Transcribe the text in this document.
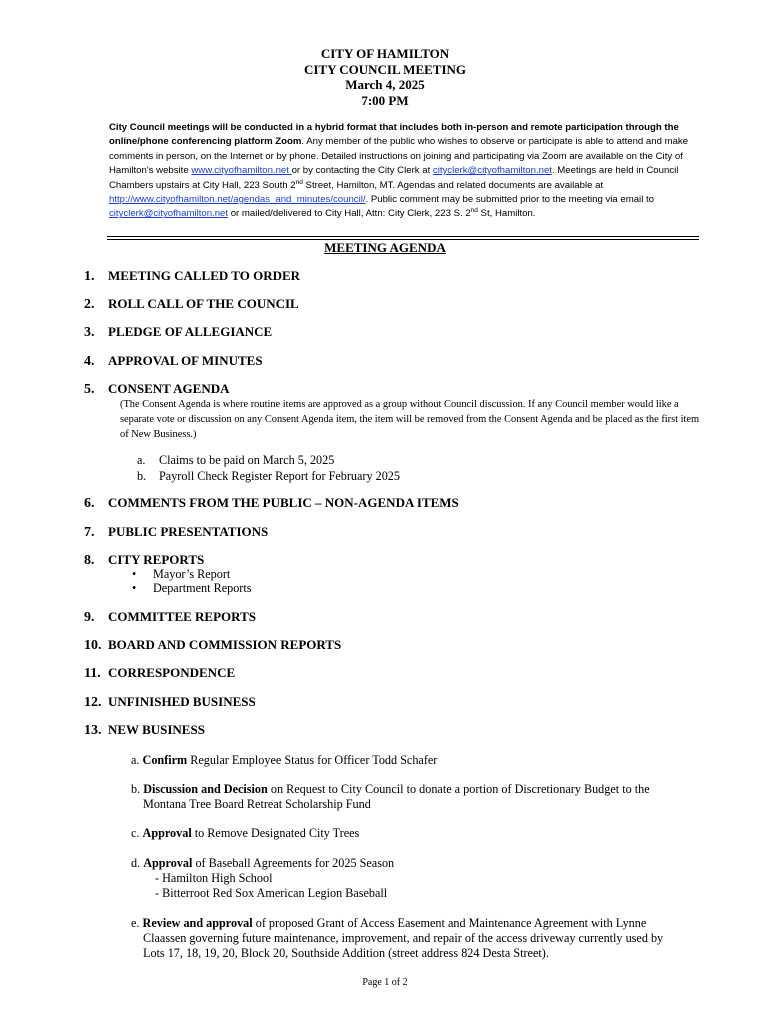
CITY OF HAMILTON
CITY COUNCIL MEETING
March 4, 2025
7:00 PM
City Council meetings will be conducted in a hybrid format that includes both in-person and remote participation through the online/phone conferencing platform Zoom. Any member of the public who wishes to observe or participate is able to attend and make comments in person, on the Internet or by phone. Detailed instructions on joining and participating via Zoom are available on the City of Hamilton's website www.cityofhamilton.net or by contacting the City Clerk at cityclerk@cityofhamilton.net. Meetings are held in Council Chambers upstairs at City Hall, 223 South 2nd Street, Hamilton, MT. Agendas and related documents are available at http://www.cityofhamilton.net/agendas_and_minutes/council/. Public comment may be submitted prior to the meeting via email to cityclerk@cityofhamilton.net or mailed/delivered to City Hall, Attn: City Clerk, 223 S. 2nd St, Hamilton.
MEETING AGENDA
1. MEETING CALLED TO ORDER
2. ROLL CALL OF THE COUNCIL
3. PLEDGE OF ALLEGIANCE
4. APPROVAL OF MINUTES
5. CONSENT AGENDA
(The Consent Agenda is where routine items are approved as a group without Council discussion. If any Council member would like a separate vote or discussion on any Consent Agenda item, the item will be removed from the Consent Agenda and be placed as the first item of New Business.)
a. Claims to be paid on March 5, 2025
b. Payroll Check Register Report for February 2025
6. COMMENTS FROM THE PUBLIC – NON-AGENDA ITEMS
7. PUBLIC PRESENTATIONS
8. CITY REPORTS
• Mayor’s Report
• Department Reports
9. COMMITTEE REPORTS
10. BOARD AND COMMISSION REPORTS
11. CORRESPONDENCE
12. UNFINISHED BUSINESS
13. NEW BUSINESS
a. Confirm Regular Employee Status for Officer Todd Schafer
b. Discussion and Decision on Request to City Council to donate a portion of Discretionary Budget to the
Montana Tree Board Retreat Scholarship Fund
c. Approval to Remove Designated City Trees
d. Approval of Baseball Agreements for 2025 Season
- Hamilton High School
- Bitterroot Red Sox American Legion Baseball
e. Review and approval of proposed Grant of Access Easement and Maintenance Agreement with Lynne
Claassen governing future maintenance, improvement, and repair of the access driveway currently used by
Lots 17, 18, 19, 20, Block 20, Southside Addition (street address 824 Desta Street).
Page 1 of 2
